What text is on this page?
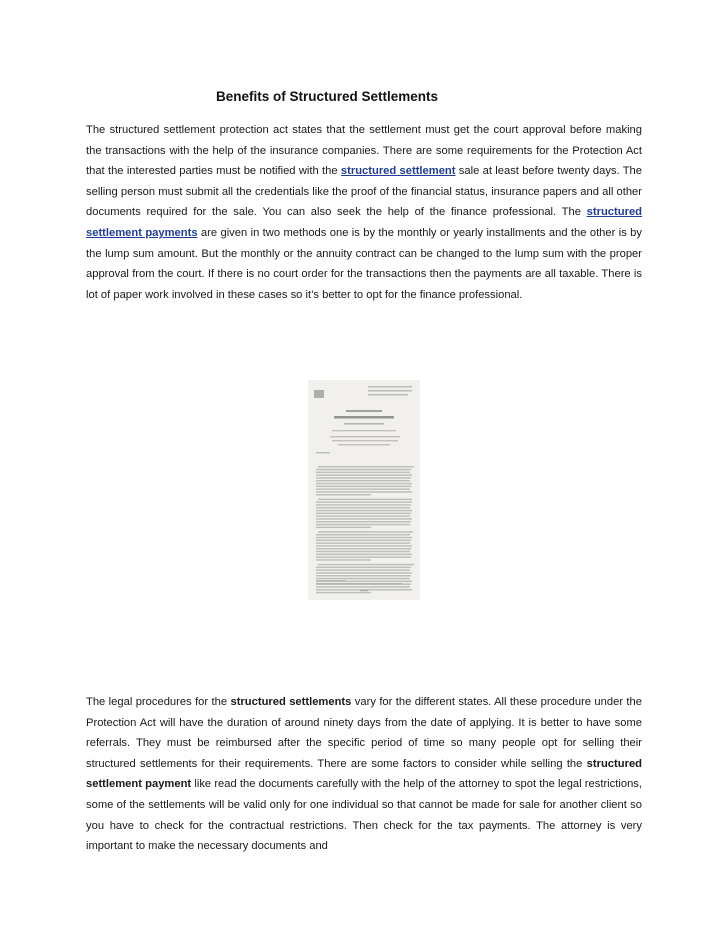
Benefits of Structured Settlements

The structured settlement protection act states that the settlement must get the court approval before making the transactions with the help of the insurance companies. There are some requirements for the Protection Act that the interested parties must be notified with the structured settlement sale at least before twenty days. The selling person must submit all the credentials like the proof of the financial status, insurance papers and all other documents required for the sale. You can also seek the help of the finance professional. The structured settlement payments are given in two methods one is by the monthly or yearly installments and the other is by the lump sum amount. But the monthly or the annuity contract can be changed to the lump sum with the proper approval from the court. If there is no court order for the transactions then the payments are all taxable. There is lot of paper work involved in these cases so it’s better to opt for the finance professional.

The legal procedures for the structured settlements vary for the different states. All these procedure under the Protection Act will have the duration of around ninety days from the date of applying. It is better to have some referrals. They must be reimbursed after the specific period of time so many people opt for selling their structured settlements for their requirements. There are some factors to consider while selling the structured settlement payment like read the documents carefully with the help of the attorney to spot the legal restrictions, some of the settlements will be valid only for one individual so that cannot be made for sale for another client so you have to check for the contractual restrictions. Then check for the tax payments. The attorney is very important to make the necessary documents and
